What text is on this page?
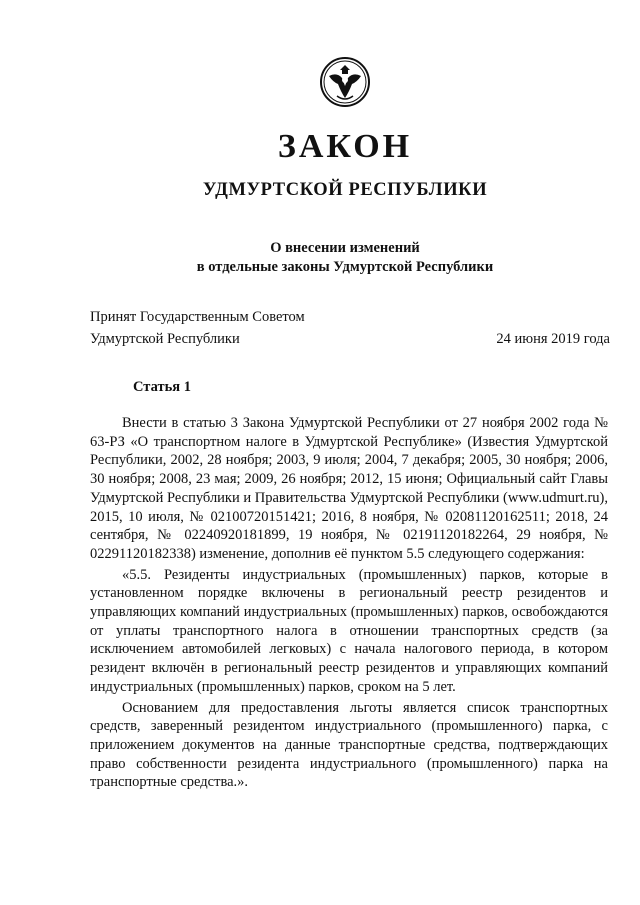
ЗАКОН
УДМУРТСКОЙ РЕСПУБЛИКИ
О внесении изменений
в отдельные законы Удмуртской Республики
Принят Государственным Советом
Удмуртской Республики	24 июня 2019 года
Статья 1

Внести в статью 3 Закона Удмуртской Республики от 27 ноября 2002 года № 63-РЗ «О транспортном налоге в Удмуртской Республике» (Известия Удмуртской Республики, 2002, 28 ноября; 2003, 9 июля; 2004, 7 декабря; 2005, 30 ноября; 2006, 30 ноября; 2008, 23 мая; 2009, 26 ноября; 2012, 15 июня; Официальный сайт Главы Удмуртской Республики и Правительства Удмуртской Республики (www.udmurt.ru), 2015, 10 июля, № 02100720151421; 2016, 8 ноября, № 02081120162511; 2018, 24 сентября, № 02240920181899, 19 ноября, № 02191120182264, 29 ноября, № 02291120182338) изменение, дополнив её пунктом 5.5 следующего содержания:

«5.5. Резиденты индустриальных (промышленных) парков, которые в установленном порядке включены в региональный реестр резидентов и управляющих компаний индустриальных (промышленных) парков, освобождаются от уплаты транспортного налога в отношении транспортных средств (за исключением автомобилей легковых) с начала налогового периода, в котором резидент включён в региональный реестр резидентов и управляющих компаний индустриальных (промышленных) парков, сроком на 5 лет.

Основанием для предоставления льготы является список транспортных средств, заверенный резидентом индустриального (промышленного) парка, с приложением документов на данные транспортные средства, подтверждающих право собственности резидента индустриального (промышленного) парка на транспортные средства.».
